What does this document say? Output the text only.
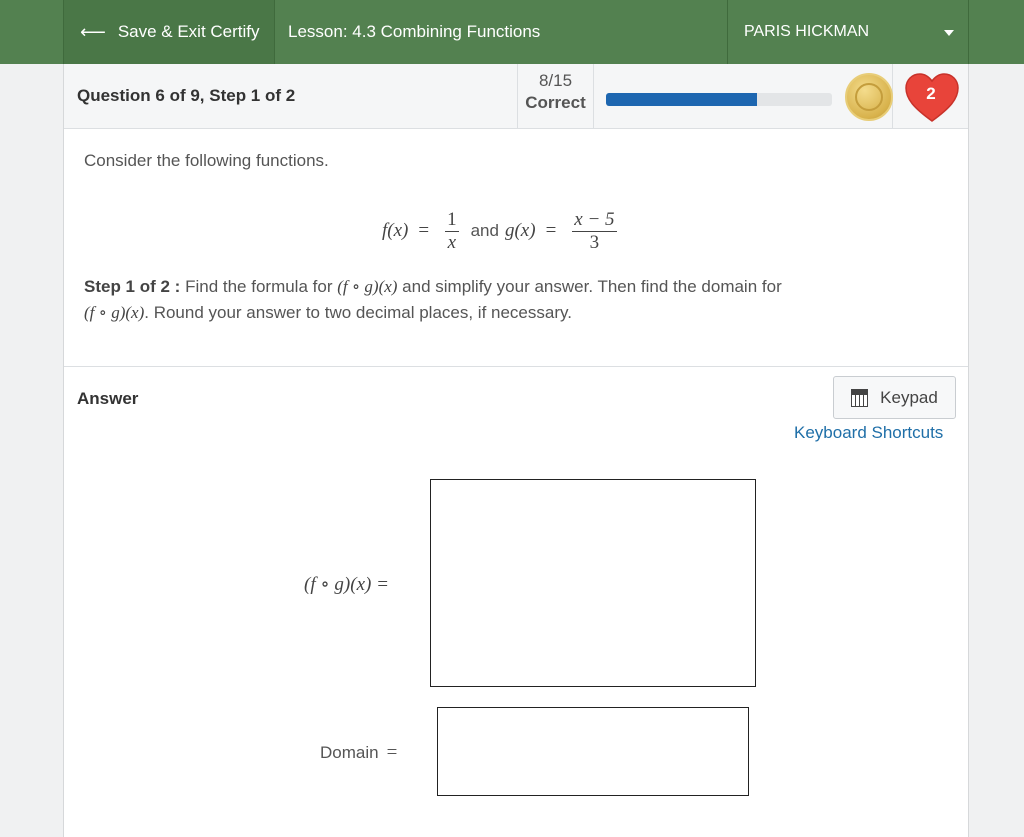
⟵ Save & Exit Certify	Lesson: 4.3 Combining Functions	PARIS HICKMAN
Question 6 of 9, Step 1 of 2
8/15
Correct	2
Consider the following functions.
$f(x) = \frac{1}{x}$ and $g(x) = \frac{x - 5}{3}$
Step 1 of 2 : Find the formula for (f ∘ g)(x) and simplify your answer. Then find the domain for
(f ∘ g)(x). Round your answer to two decimal places, if necessary.
Answer	Keypad
Keyboard Shortcuts
(f ∘ g)(x) =
Domain =
